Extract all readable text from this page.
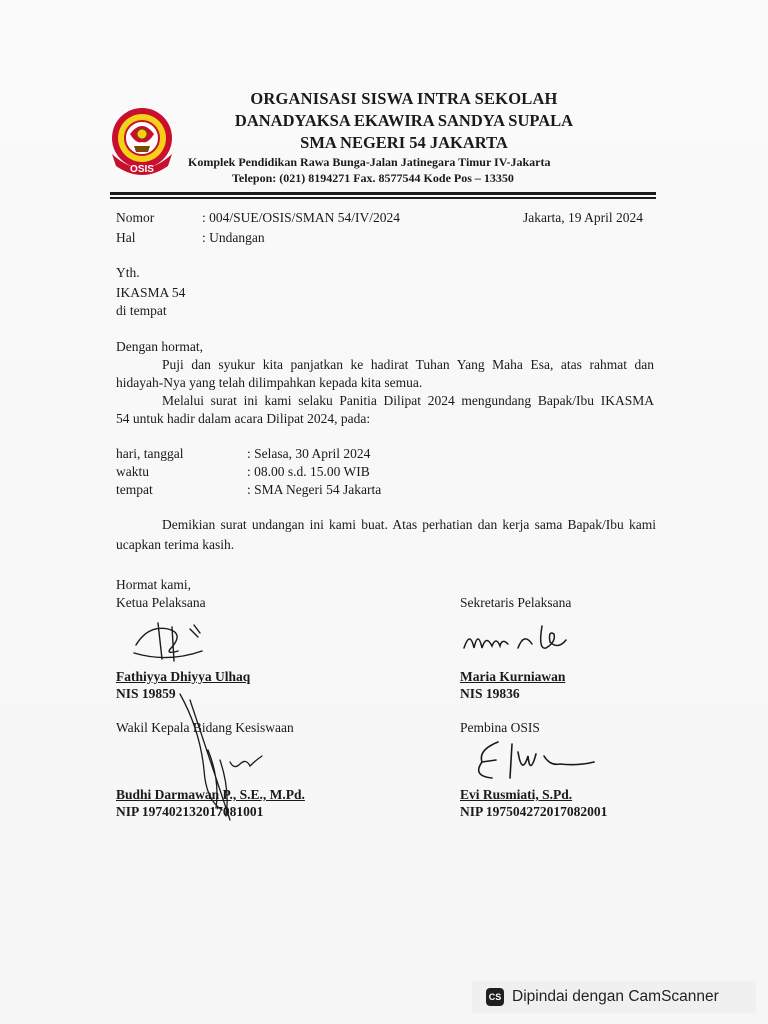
OSIS
ORGANISASI SISWA INTRA SEKOLAH
DANADYAKSA EKAWIRA SANDYA SUPALA
SMA NEGERI 54 JAKARTA
Komplek Pendidikan Rawa Bunga-Jalan Jatinegara Timur IV-Jakarta
Telepon: (021) 8194271 Fax. 8577544 Kode Pos – 13350
Nomor	: 004/SUE/OSIS/SMAN 54/IV/2024	Jakarta, 19 April 2024
Hal	: Undangan
Yth.
IKASMA 54
di tempat
Dengan hormat,
Puji dan syukur kita panjatkan ke hadirat Tuhan Yang Maha Esa, atas rahmat dan
hidayah-Nya yang telah dilimpahkan kepada kita semua.
Melalui surat ini kami selaku Panitia Dilipat 2024 mengundang Bapak/Ibu IKASMA
54 untuk hadir dalam acara Dilipat 2024, pada:
hari, tanggal	: Selasa, 30 April 2024
waktu	: 08.00 s.d. 15.00 WIB
tempat	: SMA Negeri 54 Jakarta
Demikian surat undangan ini kami buat. Atas perhatian dan kerja sama Bapak/Ibu kami
ucapkan terima kasih.
Hormat kami,
Ketua Pelaksana	Sekretaris Pelaksana
Fathiyya Dhiyya Ulhaq
NIS 19859
Maria Kurniawan
NIS 19836
Wakil Kepala Bidang Kesiswaan	Pembina OSIS
Budhi Darmawan P., S.E., M.Pd.
NIP 197402132017081001
Evi Rusmiati, S.Pd.
NIP 197504272017082001
CS Dipindai dengan CamScanner
